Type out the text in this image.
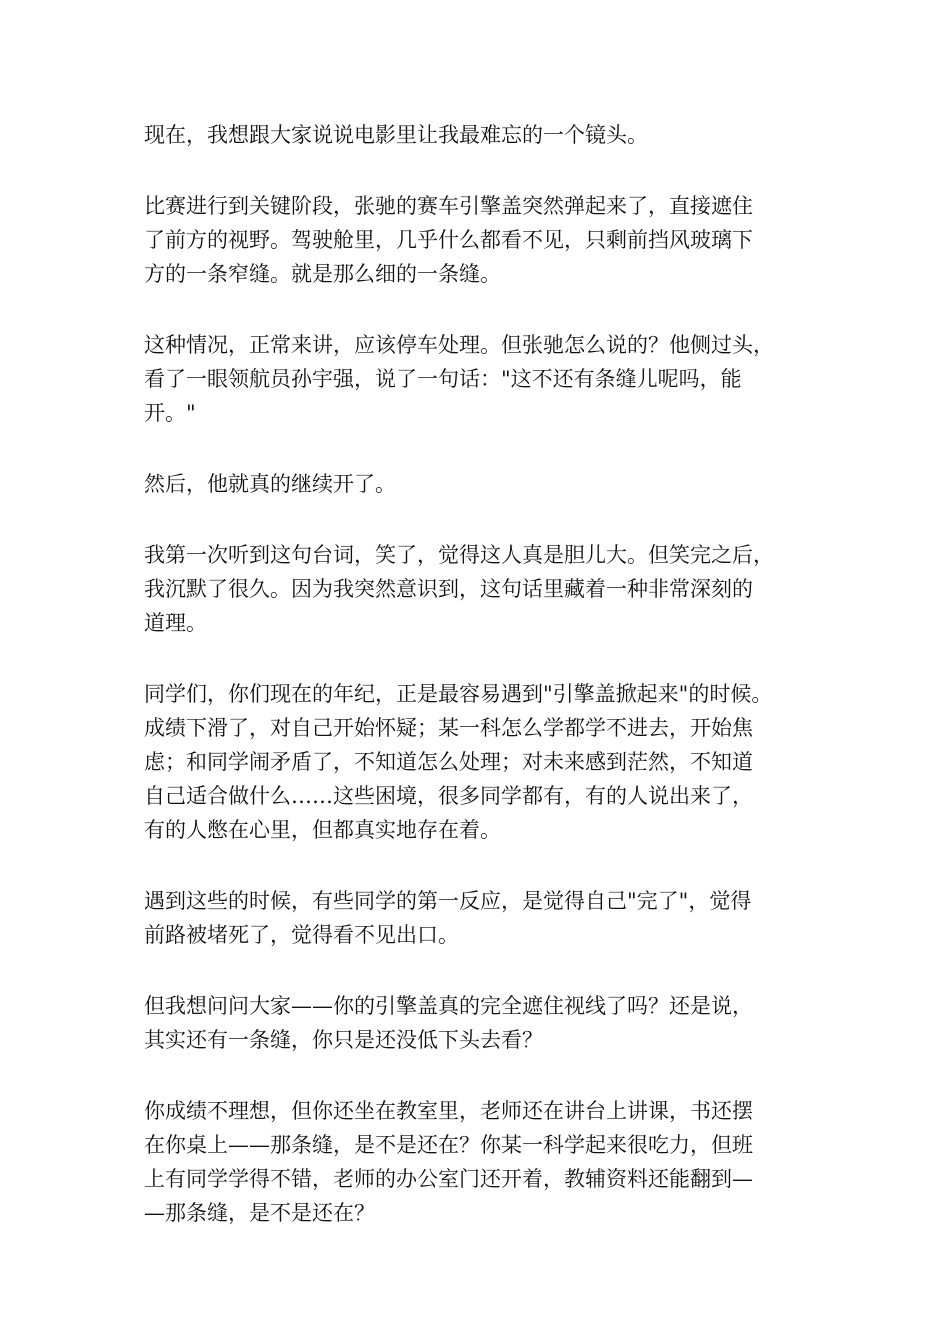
现在，我想跟大家说说电影里让我最难忘的一个镜头。
比赛进行到关键阶段，张驰的赛车引擎盖突然弹起来了，直接遮住
了前方的视野。驾驶舱里，几乎什么都看不见，只剩前挡风玻璃下
方的一条窄缝。就是那么细的一条缝。
这种情况，正常来讲，应该停车处理。但张驰怎么说的？他侧过头，
看了一眼领航员孙宇强，说了一句话："这不还有条缝儿呢吗，能
开。"
然后，他就真的继续开了。
我第一次听到这句台词，笑了，觉得这人真是胆儿大。但笑完之后，
我沉默了很久。因为我突然意识到，这句话里藏着一种非常深刻的
道理。
同学们，你们现在的年纪，正是最容易遇到"引擎盖掀起来"的时候。
成绩下滑了，对自己开始怀疑；某一科怎么学都学不进去，开始焦
虑；和同学闹矛盾了，不知道怎么处理；对未来感到茫然，不知道
自己适合做什么……这些困境，很多同学都有，有的人说出来了，
有的人憋在心里，但都真实地存在着。
遇到这些的时候，有些同学的第一反应，是觉得自己"完了"，觉得
前路被堵死了，觉得看不见出口。
但我想问问大家——你的引擎盖真的完全遮住视线了吗？还是说，
其实还有一条缝，你只是还没低下头去看？
你成绩不理想，但你还坐在教室里，老师还在讲台上讲课，书还摆
在你桌上——那条缝，是不是还在？你某一科学起来很吃力，但班
上有同学学得不错，老师的办公室门还开着，教辅资料还能翻到—
—那条缝，是不是还在？
